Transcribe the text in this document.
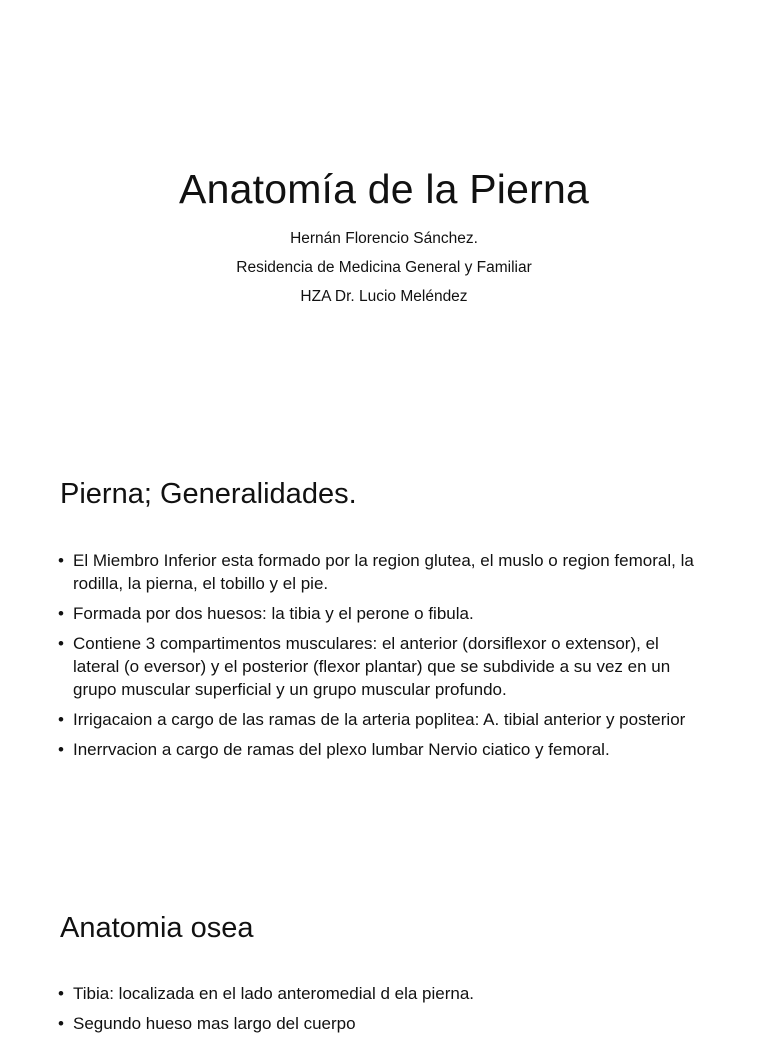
Anatomía de la Pierna

Hernán Florencio Sánchez.

Residencia de Medicina General y Familiar

HZA Dr. Lucio Meléndez

Pierna; Generalidades.
• El Miembro Inferior esta formado por la region glutea, el muslo o region femoral, la rodilla, la pierna, el tobillo y el pie.
• Formada por dos huesos: la tibia y el perone o fibula.
• Contiene 3 compartimentos musculares: el anterior (dorsiflexor o extensor), el lateral (o eversor) y el posterior (flexor plantar) que se subdivide a su vez en un grupo muscular superficial y un grupo muscular profundo.
• Irrigacaion a cargo de las ramas de la arteria poplitea: A. tibial anterior y posterior
• Inerrvacion a cargo de ramas del plexo lumbar Nervio ciatico y femoral.
Anatomia osea
• Tibia: localizada en el lado anteromedial d ela pierna.
• Segundo hueso mas largo del cuerpo
